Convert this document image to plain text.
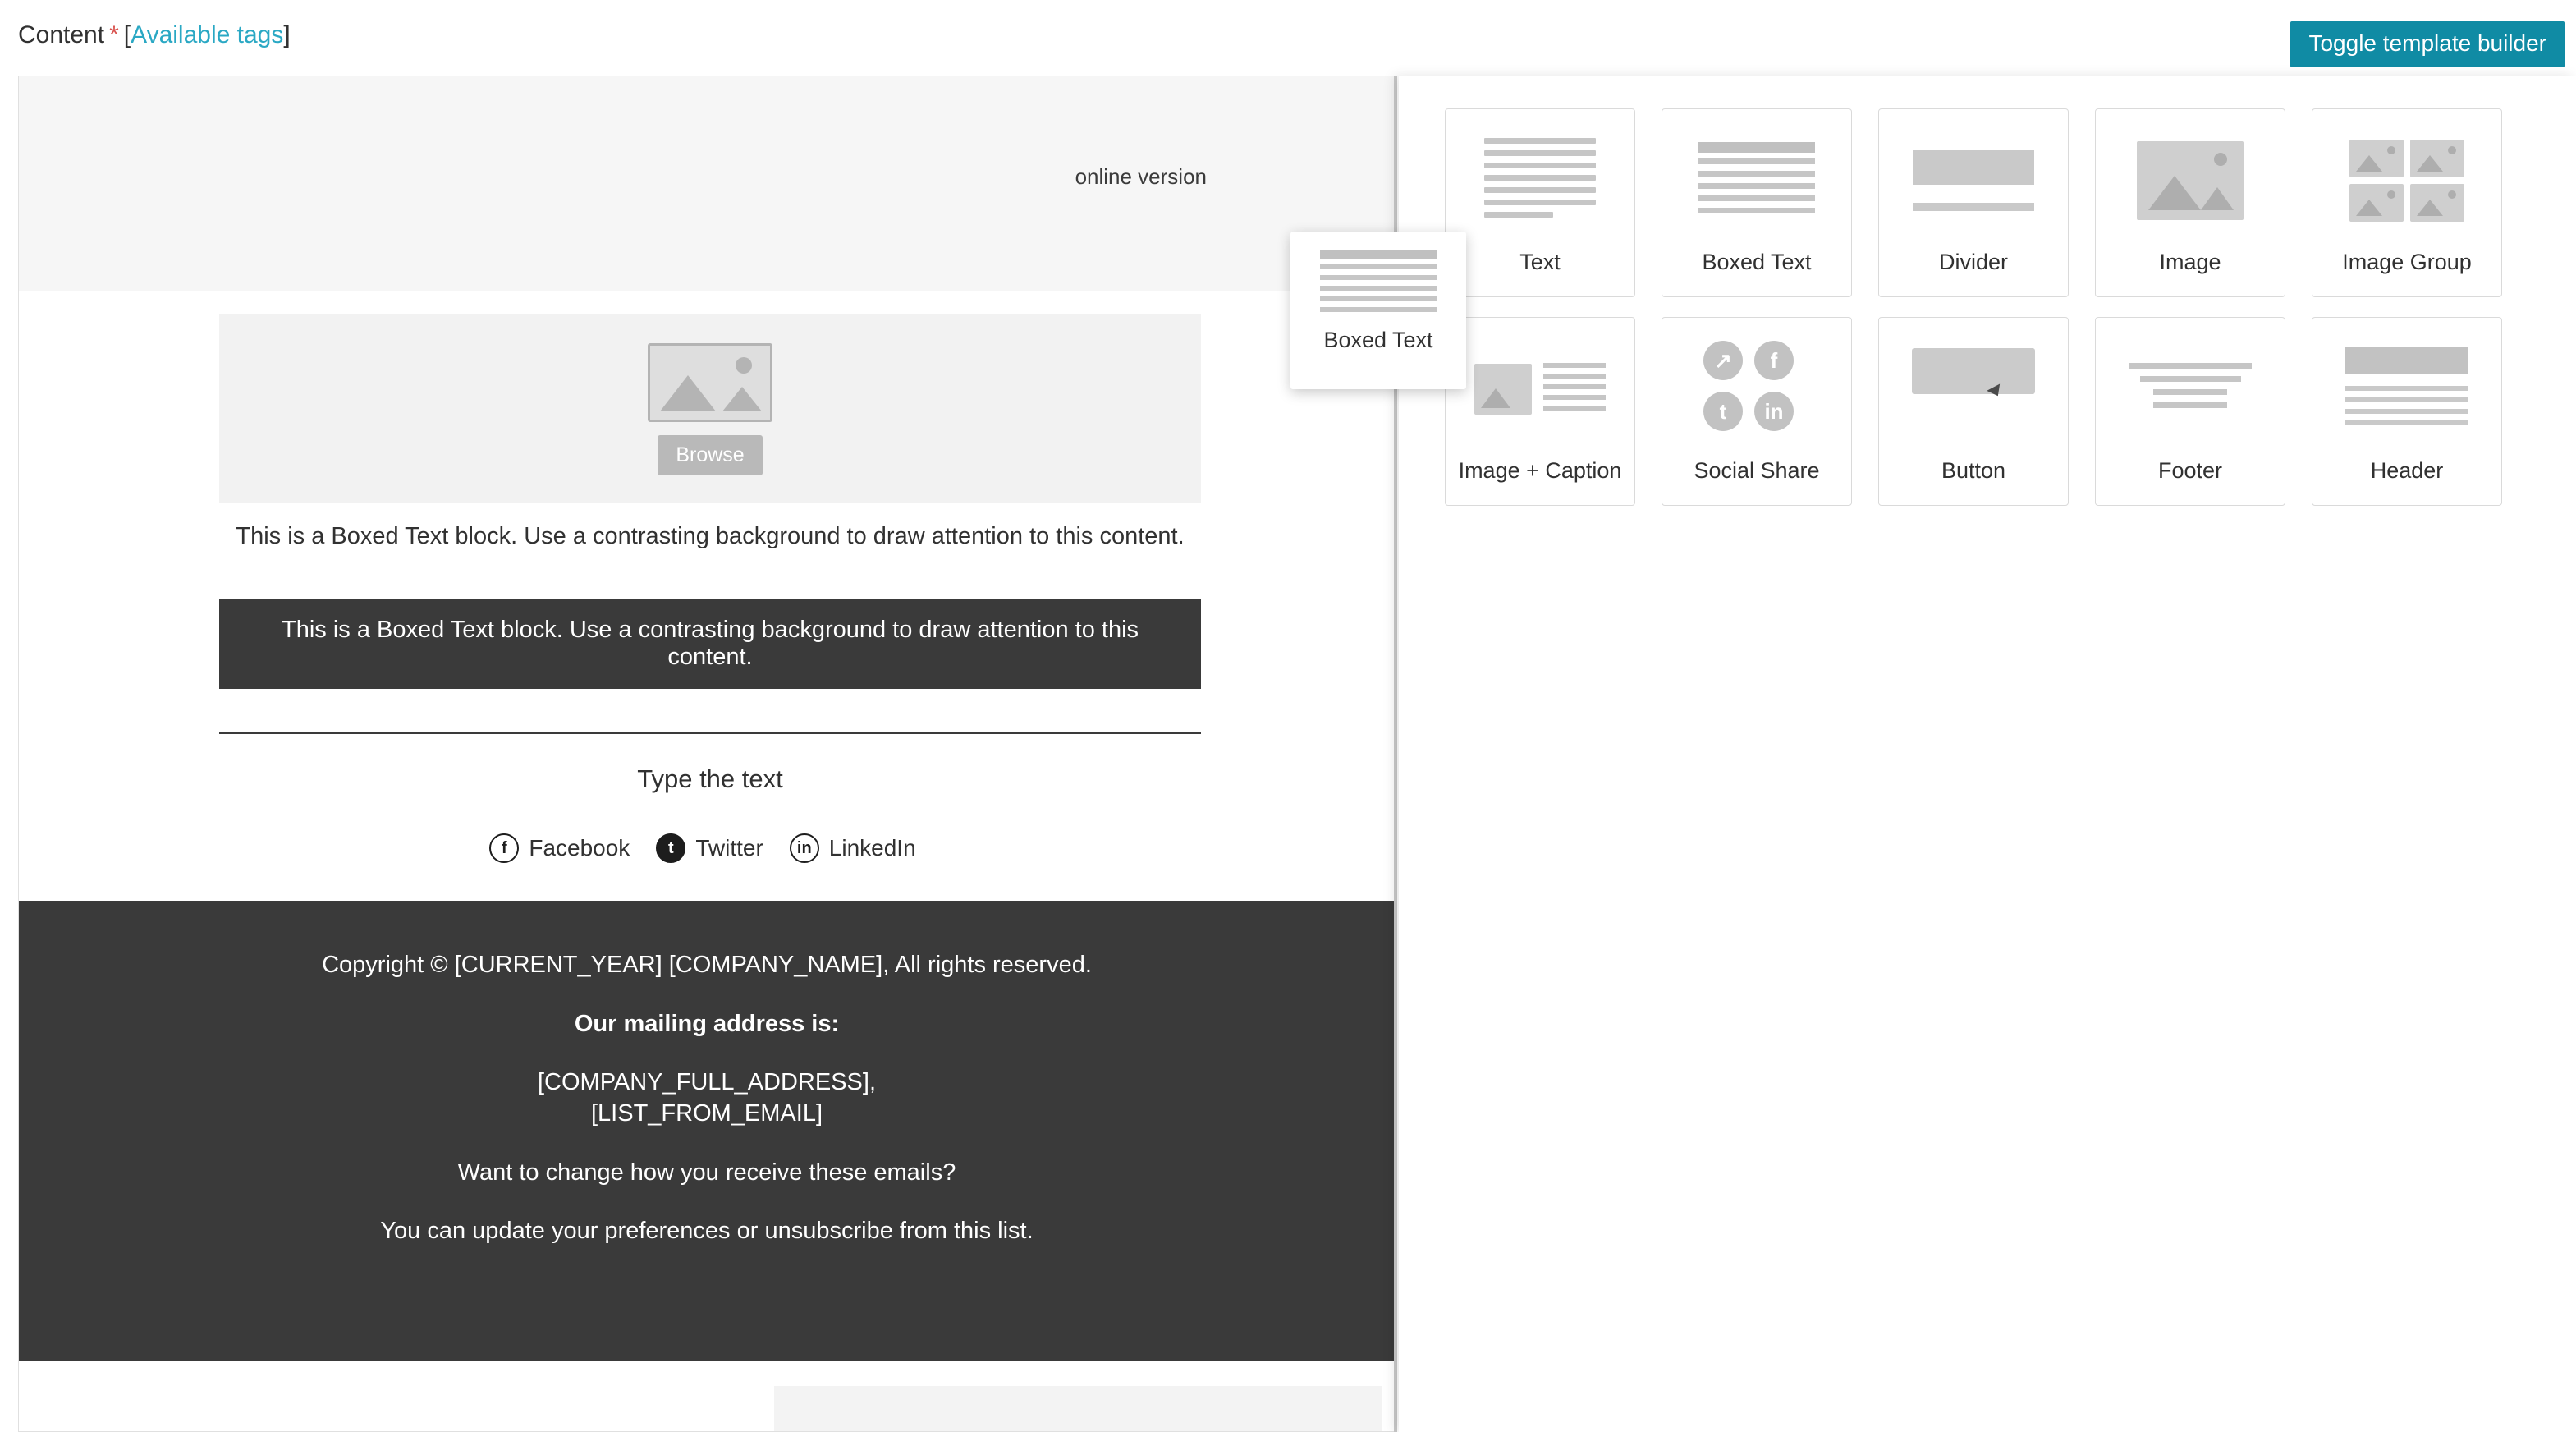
Content * [Available tags]	Toggle template builder
online version
Browse
This is a Boxed Text block. Use a contrasting background to draw attention to this content.
This is a Boxed Text block. Use a contrasting background to draw attention to this content.
Type the text
f Facebook	t Twitter	in LinkedIn

Copyright © [CURRENT_YEAR] [COMPANY_NAME], All rights reserved.

Our mailing address is:

[COMPANY_FULL_ADDRESS],
[LIST_FROM_EMAIL]

Want to change how you receive these emails?

You can update your preferences or unsubscribe from this list.

Text	Boxed Text	Divider	Image	Image Group
Image + Caption
↗	f
t	in
Social Share	Button	Footer	Header
Boxed Text
